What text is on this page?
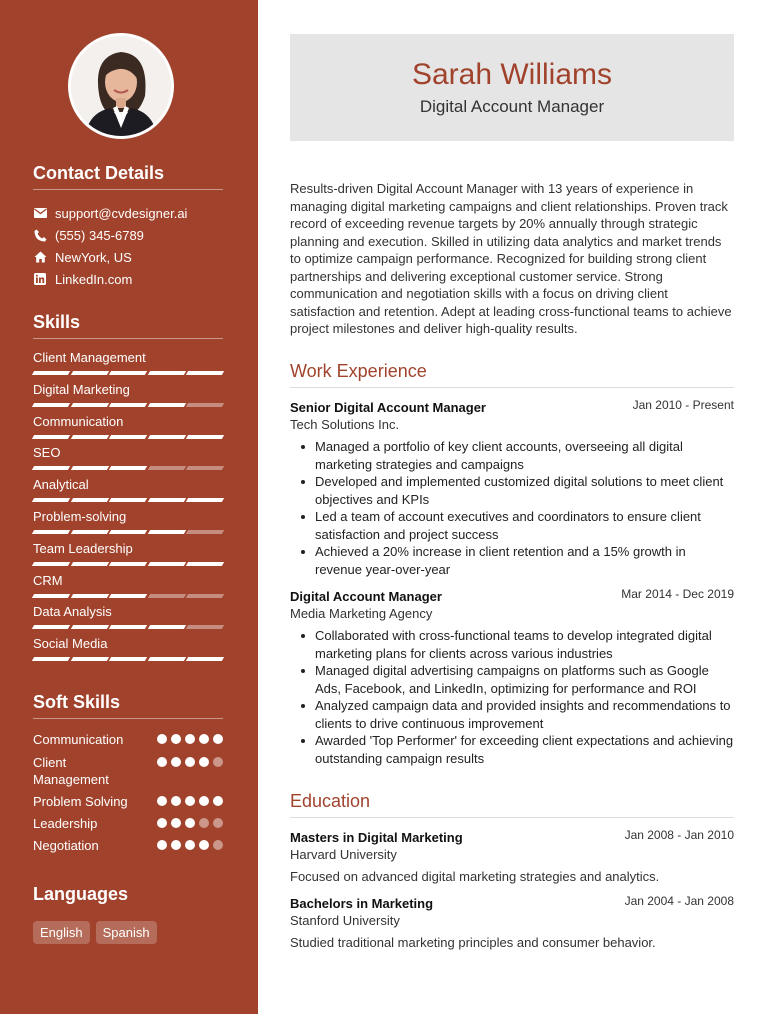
Contact Details
support@cvdesigner.ai
(555) 345-6789
NewYork, US
LinkedIn.com
Skills
Client Management
Digital Marketing
Communication
SEO
Analytical
Problem-solving
Team Leadership
CRM
Data Analysis
Social Media
Soft Skills
Communication
Client Management
Problem Solving
Leadership
Negotiation
Languages
English	Spanish
Sarah Williams
Digital Account Manager
Results-driven Digital Account Manager with 13 years of experience in managing digital marketing campaigns and client relationships. Proven track record of exceeding revenue targets by 20% annually through strategic planning and execution. Skilled in utilizing data analytics and market trends to optimize campaign performance. Recognized for building strong client partnerships and delivering exceptional customer service. Strong communication and negotiation skills with a focus on driving client satisfaction and retention. Adept at leading cross-functional teams to achieve project milestones and deliver high-quality results.
Work Experience
Senior Digital Account Manager	Jan 2010 - Present
Tech Solutions Inc.
Managed a portfolio of key client accounts, overseeing all digital marketing strategies and campaigns
Developed and implemented customized digital solutions to meet client objectives and KPIs
Led a team of account executives and coordinators to ensure client satisfaction and project success
Achieved a 20% increase in client retention and a 15% growth in revenue year-over-year
Digital Account Manager	Mar 2014 - Dec 2019
Media Marketing Agency
Collaborated with cross-functional teams to develop integrated digital marketing plans for clients across various industries
Managed digital advertising campaigns on platforms such as Google Ads, Facebook, and LinkedIn, optimizing for performance and ROI
Analyzed campaign data and provided insights and recommendations to clients to drive continuous improvement
Awarded 'Top Performer' for exceeding client expectations and achieving outstanding campaign results
Education
Masters in Digital Marketing	Jan 2008 - Jan 2010
Harvard University
Focused on advanced digital marketing strategies and analytics.
Bachelors in Marketing	Jan 2004 - Jan 2008
Stanford University
Studied traditional marketing principles and consumer behavior.
